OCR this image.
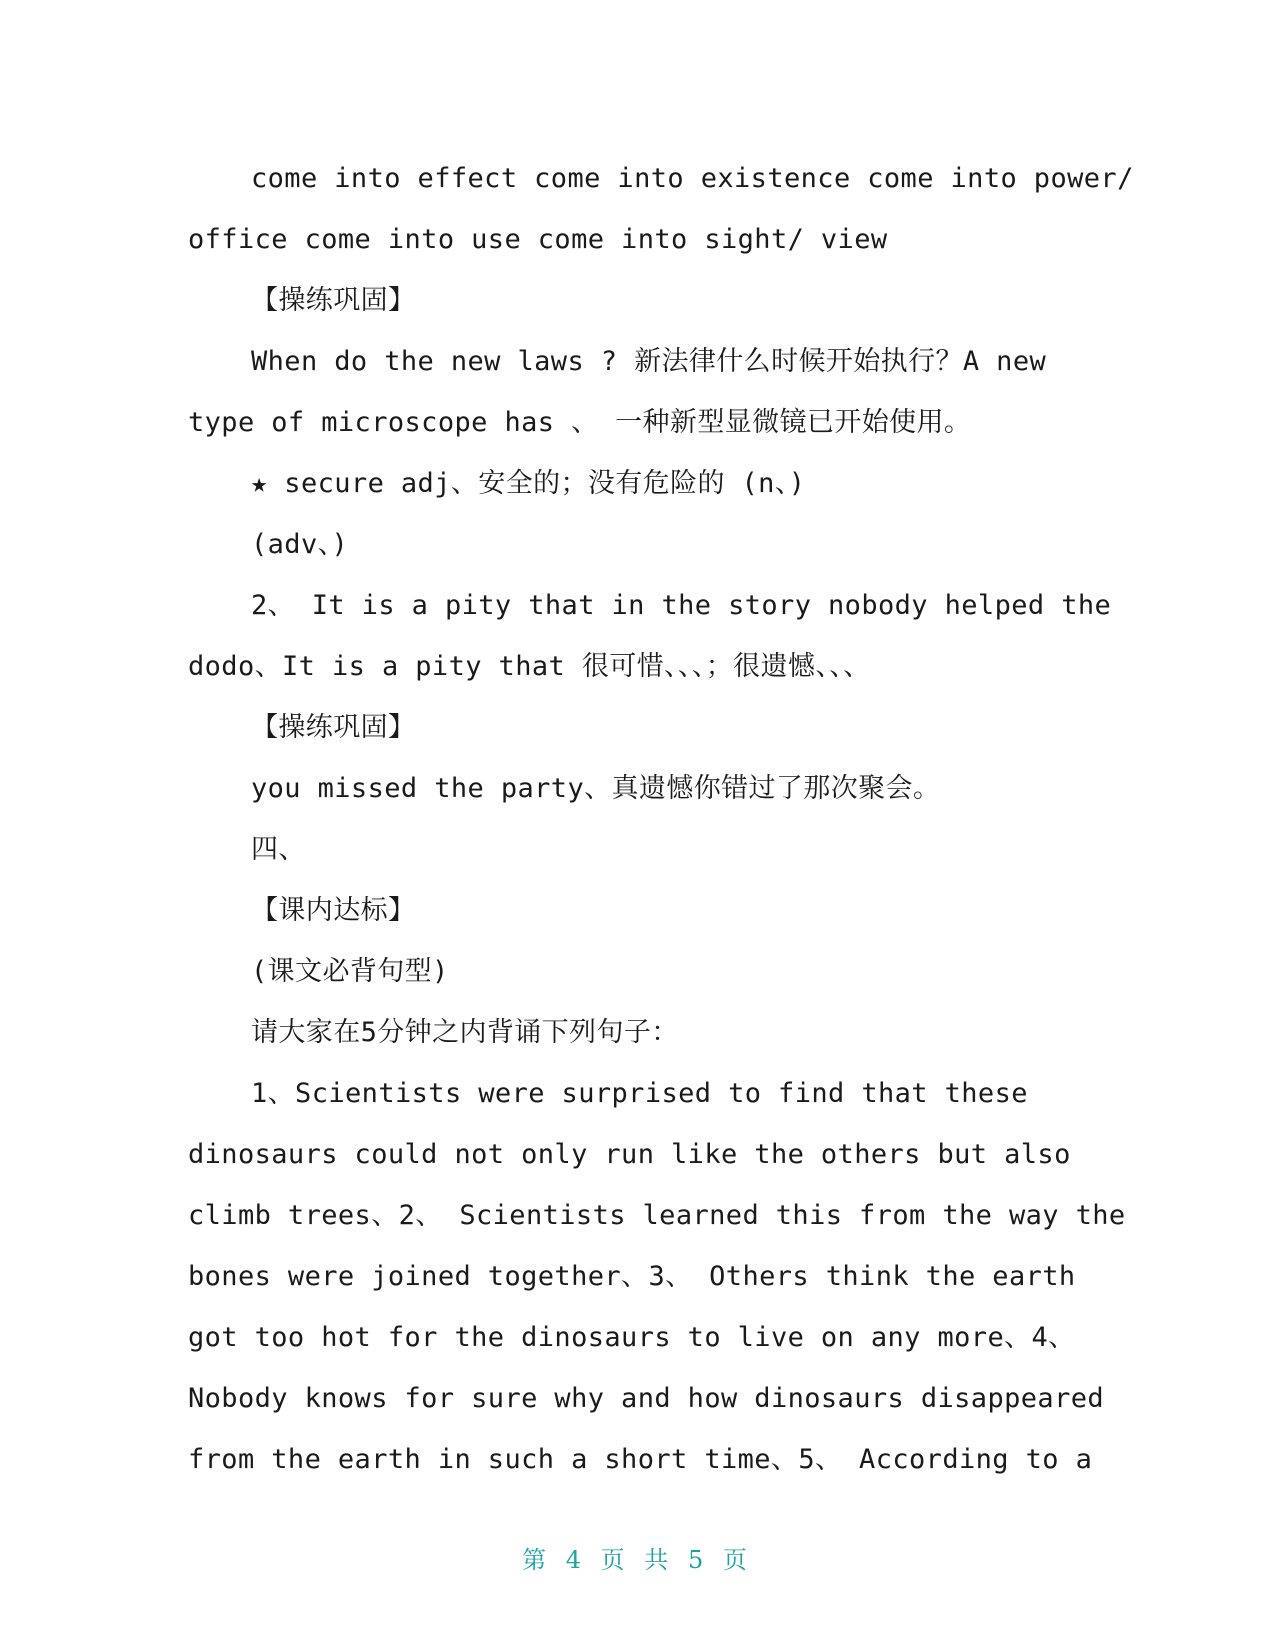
come into effect come into existence come into power/
office come into use come into sight/ view
【操练巩固】
When do the new laws ? 新法律什么时候开始执行？A new
type of microscope has 、 一种新型显微镜已开始使用。
★ secure adj、安全的；没有危险的 (n、)
(adv、)
2、 It is a pity that in the story nobody helped the
dodo、It is a pity that 很可惜、、、；很遗憾、、、
【操练巩固】
you missed the party、真遗憾你错过了那次聚会。
四、
【课内达标】
(课文必背句型)
请大家在5分钟之内背诵下列句子：
1、Scientists were surprised to find that these
dinosaurs could not only run like the others but also
climb trees、2、 Scientists learned this from the way the
bones were joined together、3、 Others think the earth
got too hot for the dinosaurs to live on any more、4、
Nobody knows for sure why and how dinosaurs disappeared
from the earth in such a short time、5、 According to a
第 4 页 共 5 页
